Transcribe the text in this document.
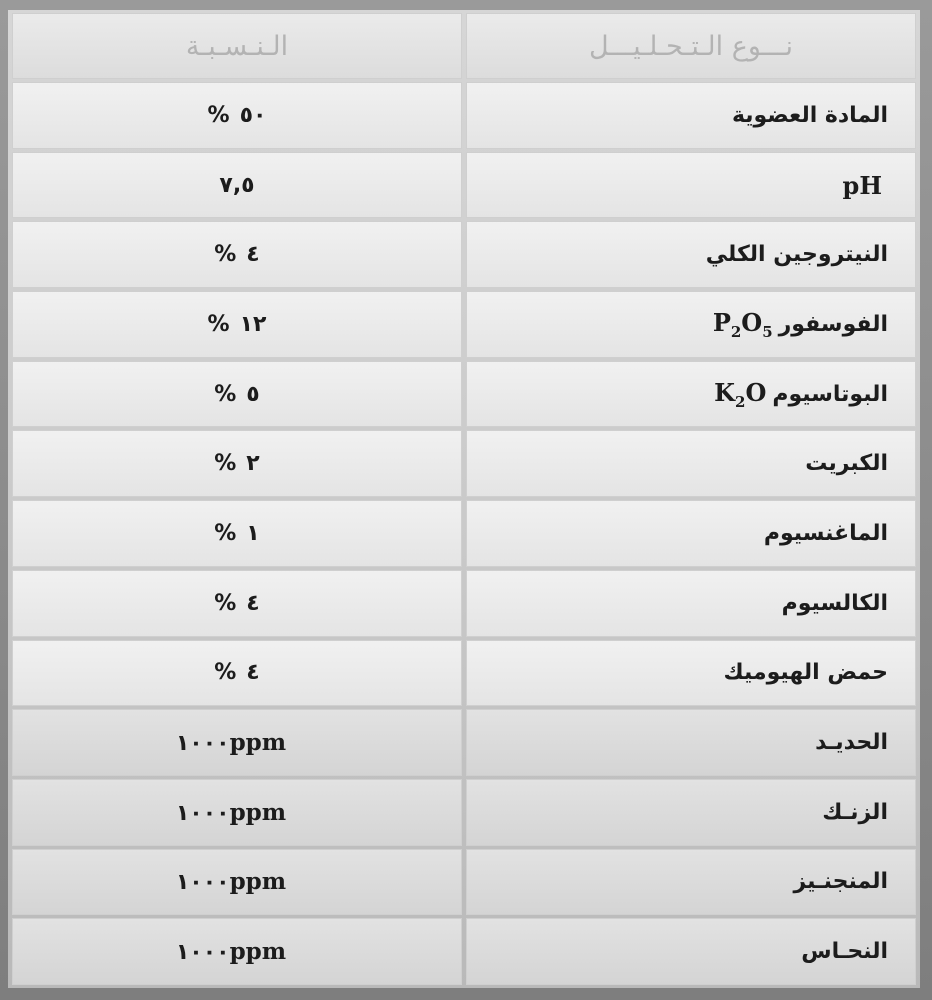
نـــوع الـتـحـلـيـــل	الـنـسـبـة
المادة العضوية	٥٠%
pH	٧,٥
النيتروجين الكلي	٤%
$الفوسفورP_2O_5$	١٢%
البوتاسيومK$_2$O	٥%
الكبريت	٢%
الماغنسيوم	١%
الكالسيوم	٤%
حمض الهيوميك	٤%
الحديـد	١٠٠٠ppm
الزنـك	١٠٠٠ppm
المنجنـيز	١٠٠٠ppm
النحـاس	١٠٠٠ppm
